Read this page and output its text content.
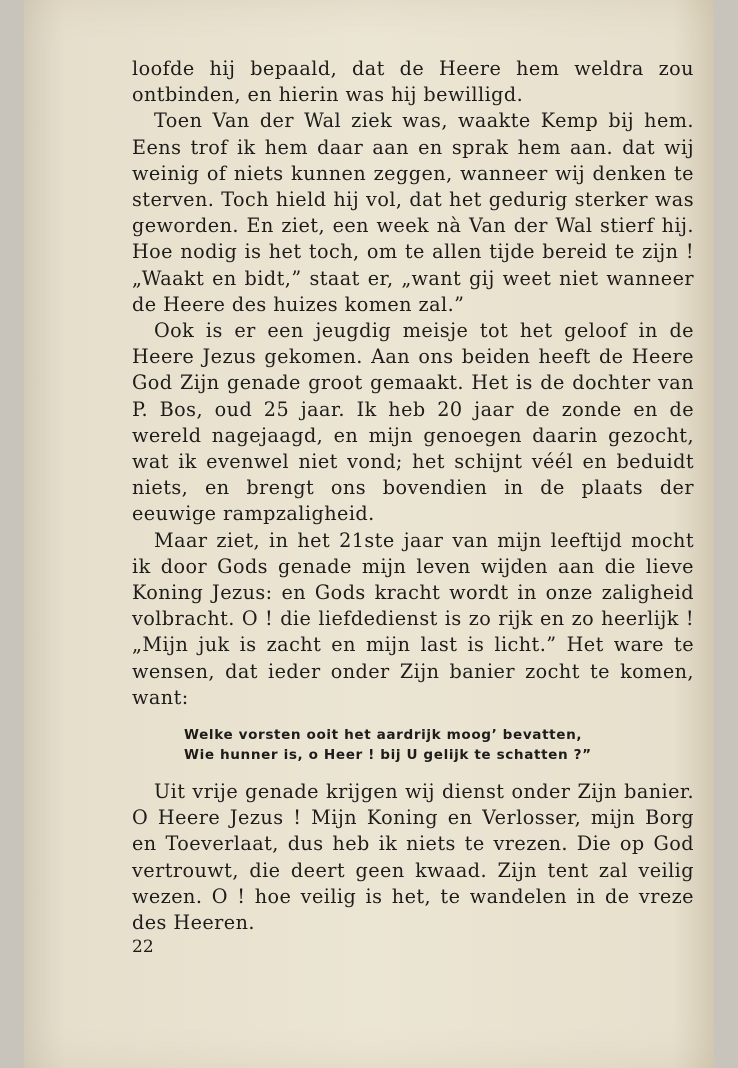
loofde hij bepaald, dat de Heere hem weldra zou ontbinden, en hierin was hij bewilligd.

Toen Van der Wal ziek was, waakte Kemp bij hem. Eens trof ik hem daar aan en sprak hem aan. dat wij weinig of niets kunnen zeggen, wanneer wij denken te sterven. Toch hield hij vol, dat het gedurig sterker was geworden. En ziet, een week nà Van der Wal stierf hij. Hoe nodig is het toch, om te allen tijde bereid te zijn ! „Waakt en bidt,” staat er, „want gij weet niet wanneer de Heere des huizes komen zal.”

Ook is er een jeugdig meisje tot het geloof in de Heere Jezus gekomen. Aan ons beiden heeft de Heere God Zijn genade groot gemaakt. Het is de dochter van P. Bos, oud 25 jaar. Ik heb 20 jaar de zonde en de wereld nagejaagd, en mijn genoegen daarin gezocht, wat ik evenwel niet vond; het schijnt véél en beduidt niets, en brengt ons bovendien in de plaats der eeuwige rampzaligheid.

Maar ziet, in het 21ste jaar van mijn leeftijd mocht ik door Gods genade mijn leven wijden aan die lieve Koning Jezus: en Gods kracht wordt in onze zaligheid volbracht. O ! die liefdedienst is zo rijk en zo heerlijk ! „Mijn juk is zacht en mijn last is licht.” Het ware te wensen, dat ieder onder Zijn banier zocht te komen, want:

Welke vorsten ooit het aardrijk moog’ bevatten,
Wie hunner is, o Heer ! bij U gelijk te schatten ?”

Uit vrije genade krijgen wij dienst onder Zijn banier. O Heere Jezus ! Mijn Koning en Verlosser, mijn Borg en Toeverlaat, dus heb ik niets te vrezen. Die op God vertrouwt, die deert geen kwaad. Zijn tent zal veilig wezen. O ! hoe veilig is het, te wandelen in de vreze des Heeren.

22
